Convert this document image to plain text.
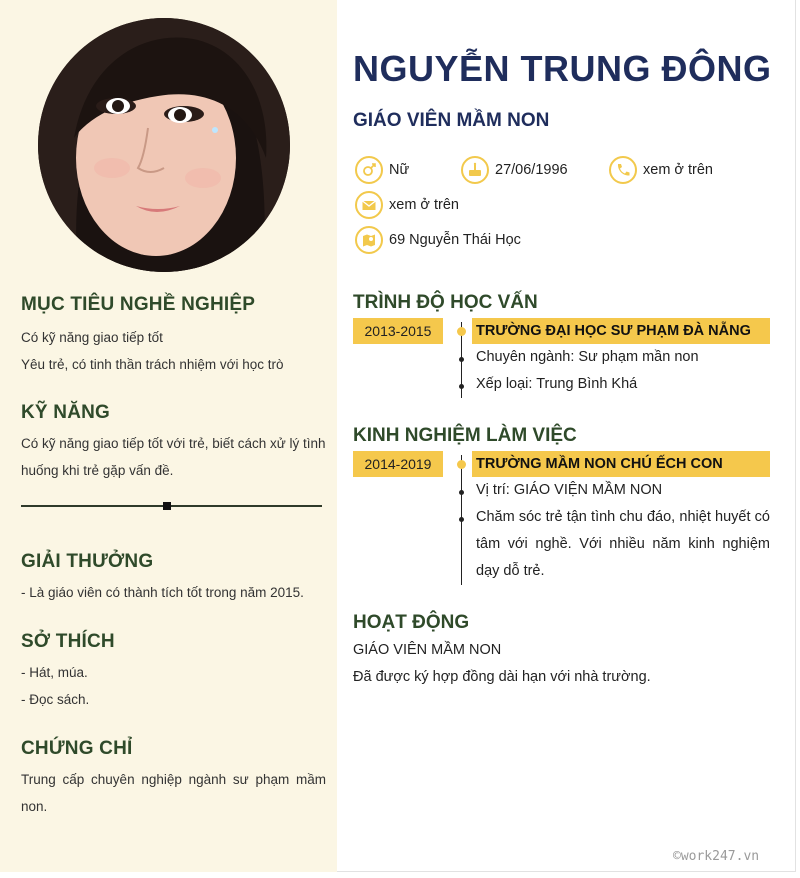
MỤC TIÊU NGHỀ NGHIỆP
Có kỹ năng giao tiếp tốt
Yêu trẻ, có tinh thần trách nhiệm với học trò
KỸ NĂNG
Có kỹ năng giao tiếp tốt với trẻ, biết cách xử lý tình huống khi trẻ gặp vấn đề.
GIẢI THƯỞNG
- Là giáo viên có thành tích tốt trong năm 2015.
SỞ THÍCH
- Hát, múa.
- Đọc sách.
CHỨNG CHỈ
Trung cấp chuyên nghiệp ngành sư phạm mầm non.
NGUYỄN TRUNG ĐÔNG
GIÁO VIÊN MẦM NON
Nữ	27/06/1996	xem ở trên
xem ở trên
69 Nguyễn Thái Học
TRÌNH ĐỘ HỌC VẤN
2013-2015	TRƯỜNG ĐẠI HỌC SƯ PHẠM ĐÀ NẴNG
Chuyên ngành: Sư phạm mần non
Xếp loại: Trung Bình Khá
KINH NGHIỆM LÀM VIỆC
2014-2019	TRƯỜNG MẦM NON CHÚ ẾCH CON
Vị trí: GIÁO VIỆN MẦM NON
Chăm sóc trẻ tận tình chu đáo, nhiệt huyết có tâm với nghề. Với nhiều năm kinh nghiệm dạy dỗ trẻ.
HOẠT ĐỘNG
GIÁO VIÊN MẦM NON
Đã được ký hợp đồng dài hạn với nhà trường.
©work247.vn
